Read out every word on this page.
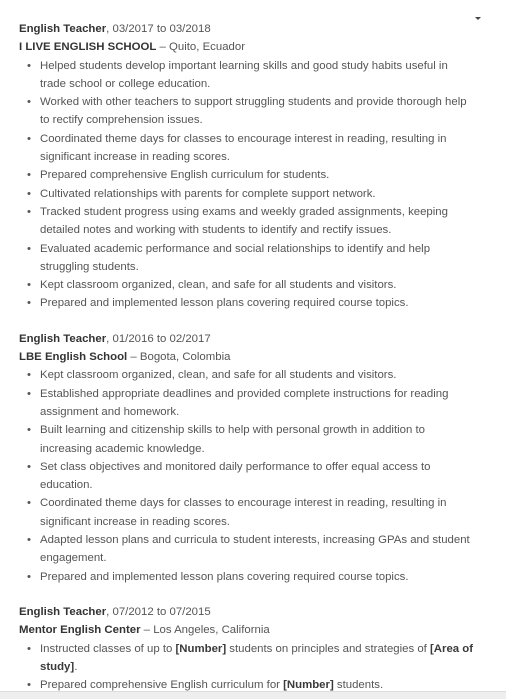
English Teacher, 03/2017 to 03/2018

I LIVE ENGLISH SCHOOL – Quito, Ecuador

• Helped students develop important learning skills and good study habits useful in trade school or college education.
• Worked with other teachers to support struggling students and provide thorough help to rectify comprehension issues.
• Coordinated theme days for classes to encourage interest in reading, resulting in significant increase in reading scores.
• Prepared comprehensive English curriculum for students.
• Cultivated relationships with parents for complete support network.
• Tracked student progress using exams and weekly graded assignments, keeping detailed notes and working with students to identify and rectify issues.
• Evaluated academic performance and social relationships to identify and help struggling students.
• Kept classroom organized, clean, and safe for all students and visitors.
• Prepared and implemented lesson plans covering required course topics.

English Teacher, 01/2016 to 02/2017

LBE English School – Bogota, Colombia

• Kept classroom organized, clean, and safe for all students and visitors.
• Established appropriate deadlines and provided complete instructions for reading assignment and homework.
• Built learning and citizenship skills to help with personal growth in addition to increasing academic knowledge.
• Set class objectives and monitored daily performance to offer equal access to education.
• Coordinated theme days for classes to encourage interest in reading, resulting in significant increase in reading scores.
• Adapted lesson plans and curricula to student interests, increasing GPAs and student engagement.
• Prepared and implemented lesson plans covering required course topics.

English Teacher, 07/2012 to 07/2015

Mentor English Center – Los Angeles, California

• Instructed classes of up to [Number] students on principles and strategies of [Area of study].
• Prepared comprehensive English curriculum for [Number] students.
